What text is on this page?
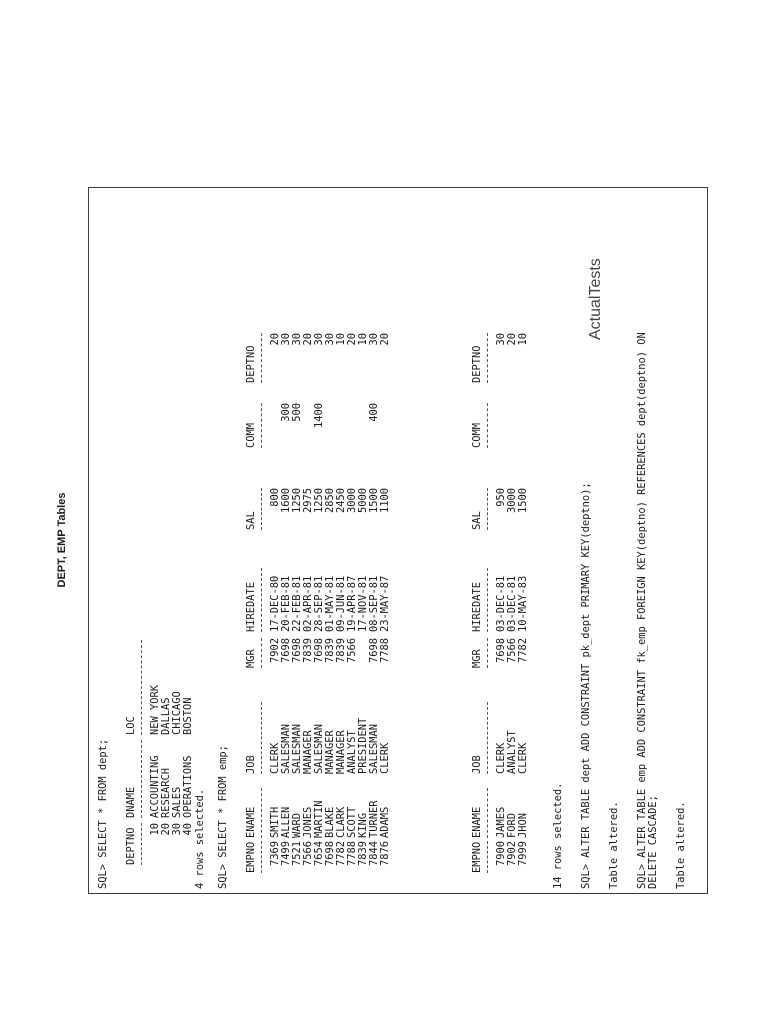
DEPT, EMP Tables
SQL> SELECT * FROM dept; DEPTNO
DNAME
LOC
10
ACCOUNTING
NEW YORK
20
RESEARCH
DALLAS
30
SALES
CHICAGO
40
OPERATIONS
BOSTON
4 rows selected. SQL> SELECT * FROM emp; EMPNO
ENAME
JOB
MGR
HIREDATE
SAL
COMM
DEPTNO
7369
SMITH
CLERK
7902
17-DEC-80
800
20
7499
ALLEN
SALESMAN
7698
20-FEB-81
1600
300
30
7521
WARD
SALESMAN
7698
22-FEB-81
1250
500
30
7566
JONES
MANAGER
7839
02-APR-81
2975
20
7654
MARTIN
SALESMAN
7698
28-SEP-81
1250
1400
30
7698
BLAKE
MANAGER
7839
01-MAY-81
2850
30
7782
CLARK
MANAGER
7839
09-JUN-81
2450
10
7788
SCOTT
ANALYST
7566
19-APR-87
3000
20
7839
KING
PRESIDENT
17-NOV-81
5000
10
7844
TURNER
SALESMAN
7698
08-SEP-81
1500
400
30
7876
ADAMS
CLERK
7788
23-MAY-87
1100
20
EMPNO
ENAME
JOB
MGR
HIREDATE
SAL
COMM
DEPTNO
7900
JAMES
CLERK
7698
03-DEC-81
950
30
7902
FORD
ANALYST
7566
03-DEC-81
3000
20
7999
JHON
CLERK
7782
10-MAY-83
1500
10
14 rows selected. SQL> ALTER TABLE dept ADD CONSTRAINT pk_dept PRIMARY KEY(deptno); Table altered. SQL> ALTER TABLE emp ADD CONSTRAINT fk_emp FOREIGN KEY(deptno) REFERENCES dept(deptno) ON DELETE CASCADE; Table altered.
ActualTests
